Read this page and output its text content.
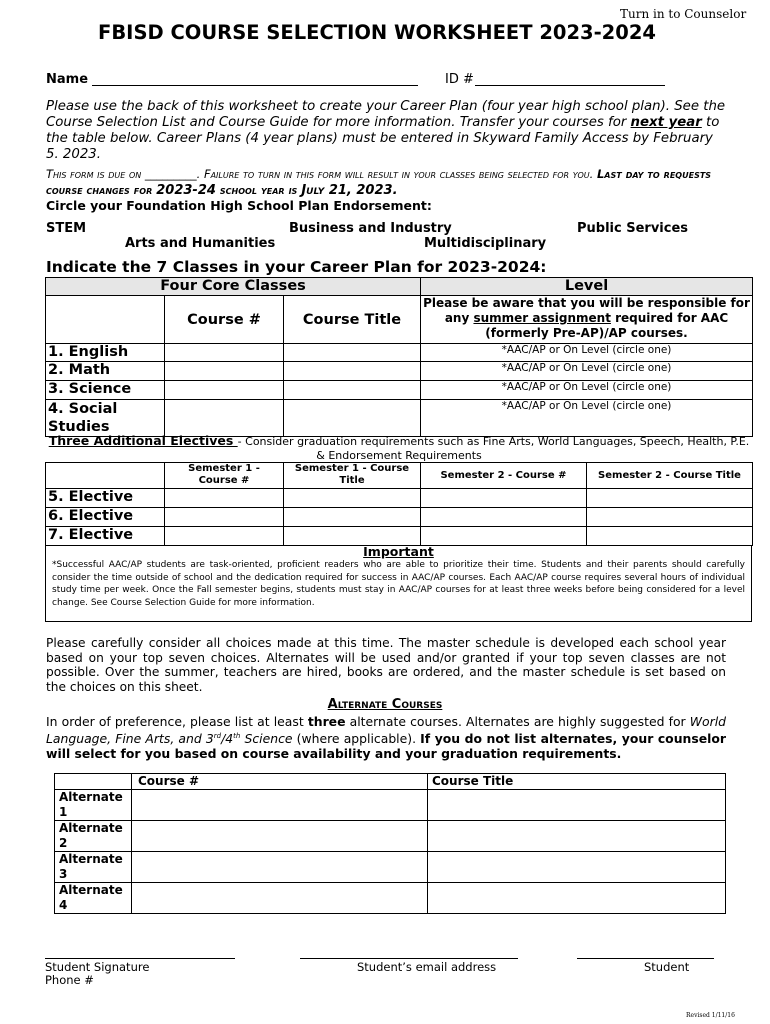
Turn in to Counselor
FBISD COURSE SELECTION WORKSHEET 2023-2024
Name	ID #
Please use the back of this worksheet to create your Career Plan (four year high school plan). See the Course Selection List and Course Guide for more information. Transfer your courses for next year to the table below. Career Plans (4 year plans) must be entered in Skyward Family Access by February 5. 2023.
This form is due on _________. Failure to turn in this form will result in your classes being selected for you. Last day to requests course changes for 2023-24 school year is July 21, 2023.
Circle your Foundation High School Plan Endorsement:
STEM	Business and Industry	Public Services
Arts and Humanities	Multidisciplinary
Indicate the 7 Classes in your Career Plan for 2023-2024:
Four Core Classes			Level
	Course #	Course Title	Please be aware that you will be responsible for any summer assignment required for AAC (formerly Pre-AP)/AP courses.
1. English			*AAC/AP or On Level (circle one)
2. Math			*AAC/AP or On Level (circle one)
3. Science			*AAC/AP or On Level (circle one)
4. Social Studies			*AAC/AP or On Level (circle one)
Three Additional Electives - Consider graduation requirements such as Fine Arts, World Languages, Speech, Health, P.E. & Endorsement Requirements
	Semester 1 - Course #	Semester 1 - Course Title	Semester 2 - Course #	Semester 2 - Course Title
5. Elective				
6. Elective				
7. Elective				
Important
*Successful AAC/AP students are task-oriented, proficient readers who are able to prioritize their time. Students and their parents should carefully consider the time outside of school and the dedication required for success in AAC/AP courses. Each AAC/AP course requires several hours of individual study time per week. Once the Fall semester begins, students must stay in AAC/AP courses for at least three weeks before being considered for a level change. See Course Selection Guide for more information.
Please carefully consider all choices made at this time. The master schedule is developed each school year based on your top seven choices. Alternates will be used and/or granted if your top seven classes are not possible. Over the summer, teachers are hired, books are ordered, and the master schedule is set based on the choices on this sheet.
Alternate Courses
In order of preference, please list at least three alternate courses. Alternates are highly suggested for World Language, Fine Arts, and 3rd/4th Science (where applicable). If you do not list alternates, your counselor will select for you based on course availability and your graduation requirements.
	Course #	Course Title
Alternate 1		
Alternate 2		
Alternate 3		
Alternate 4		
Student Signature
Phone #
Student’s email address	Student
Revised 1/11/16
